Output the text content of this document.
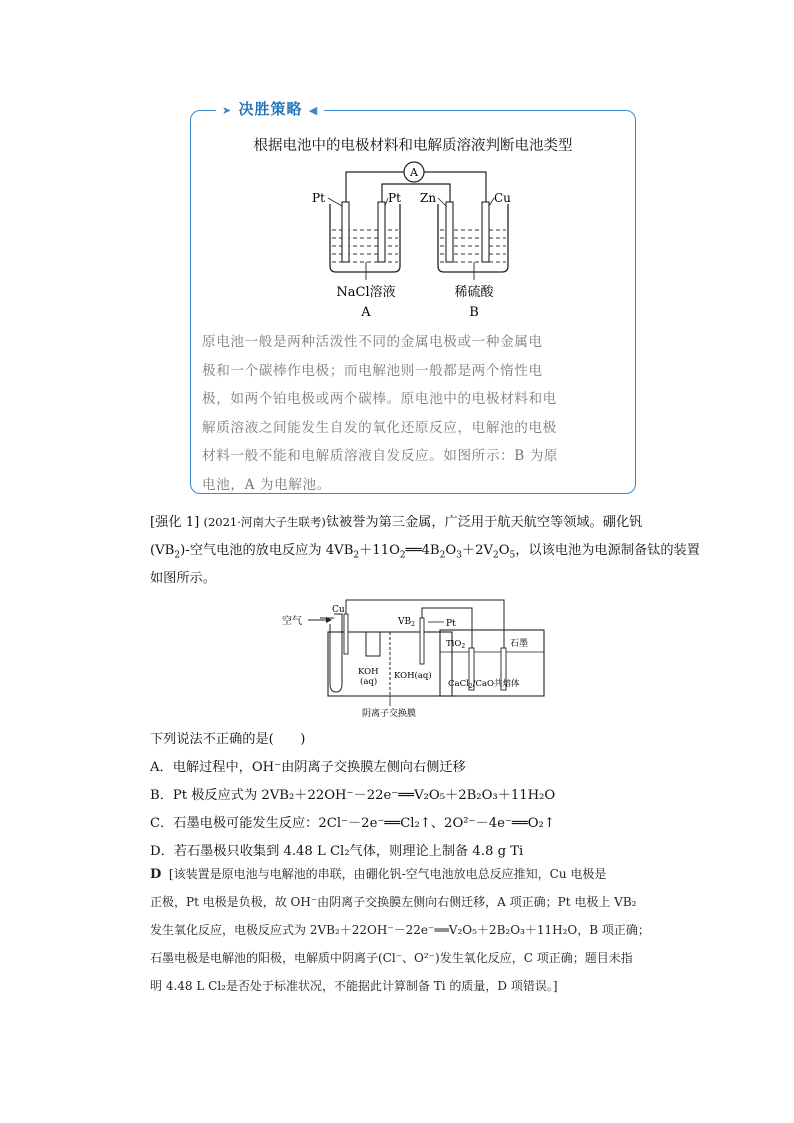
➤ 决胜策略 ◀
根据电池中的电极材料和电解质溶液判断电池类型
A
Pt	Pt Zn	Cu
NaCl溶液	稀硫酸
A	B
原电池一般是两种活泼性不同的金属电极或一种金属电
极和一个碳棒作电极；而电解池则一般都是两个惰性电
极，如两个铂电极或两个碳棒。原电池中的电极材料和电
解质溶液之间能发生自发的氧化还原反应，电解池的电极
材料一般不能和电解质溶液自发反应。如图所示：B 为原
电池，A 为电解池。
[强化 1] (2021·河南大子生联考)钛被誉为第三金属，广泛用于航天航空等领域。硼化钒
$(VB_2)-$空气电池的放电反应为 $4VB_2+11O_2══4B_2O_3+2V_2O_5$，以该电池为电源制备钛的装置
如图所示。
空气
Cu
$VB_2$	Pt
KOH
(aq)
KOH(aq)
TiO$_2$	石墨
CaCl$_2$/CaO共熔体
阴离子交换膜
下列说法不正确的是(　　)
A．电解过程中，OH⁻由阴离子交换膜左侧向右侧迁移
B．Pt 极反应式为 2VB₂＋22OH⁻－22e⁻══V₂O₅＋2B₂O₃＋11H₂O
C．石墨电极可能发生反应：2Cl⁻－2e⁻══Cl₂↑、2O²⁻－4e⁻══O₂↑
D．若石墨极只收集到 4.48 L Cl₂气体，则理论上制备 4.8 g Ti
D [该装置是原电池与电解池的串联，由硼化钒-空气电池放电总反应推知，Cu 电极是
正极，Pt 电极是负极，故 OH⁻由阴离子交换膜左侧向右侧迁移，A 项正确；Pt 电极上 VB₂
发生氧化反应，电极反应式为 2VB₂＋22OH⁻－22e⁻══V₂O₅＋2B₂O₃＋11H₂O，B 项正确；
石墨电极是电解池的阳极，电解质中阴离子(Cl⁻、O²⁻)发生氧化反应，C 项正确；题目未指
明 4.48 L Cl₂是否处于标准状况，不能据此计算制备 Ti 的质量，D 项错误。]
